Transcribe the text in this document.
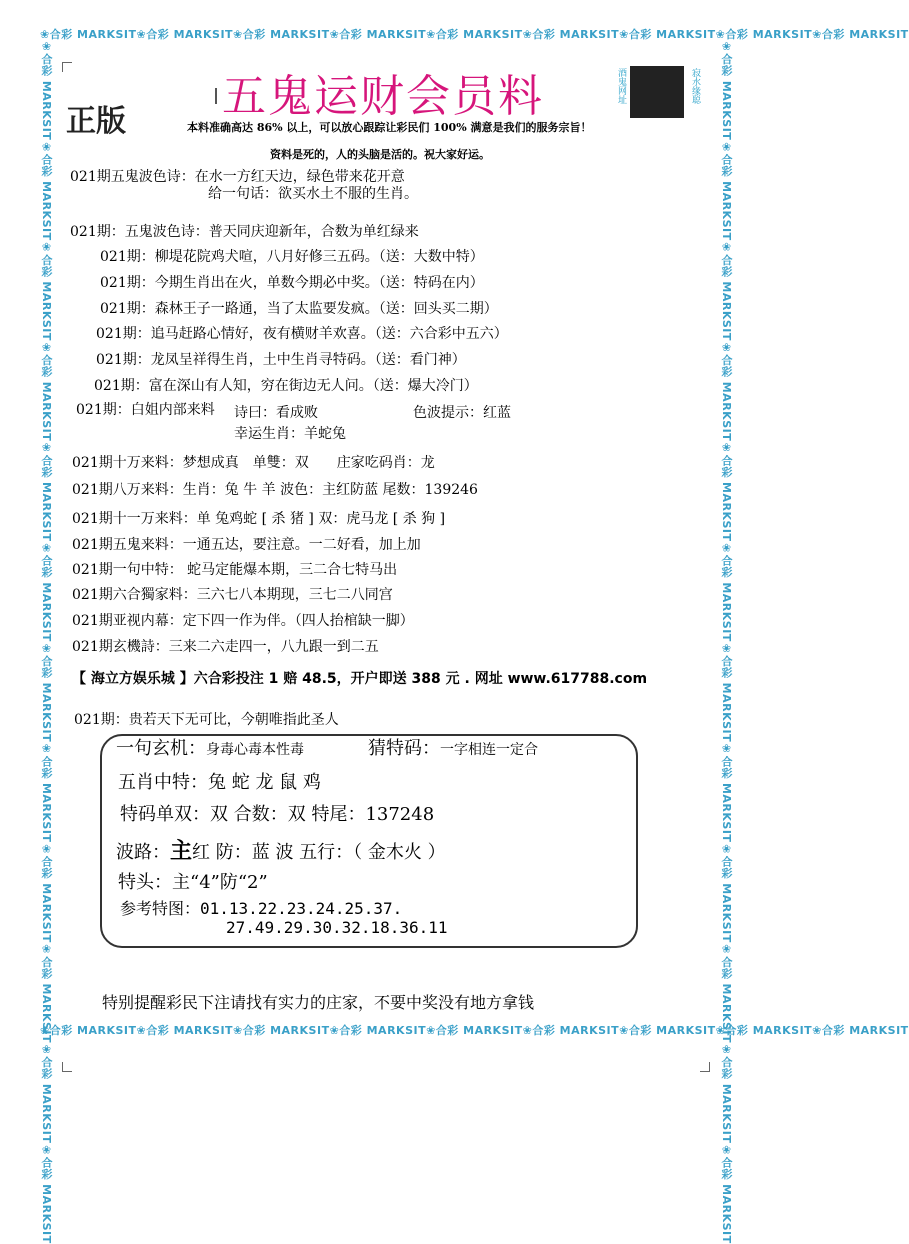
❀合彩 MARKSIT❀合彩 MARKSIT❀合彩 MARKSIT❀合彩 MARKSIT❀合彩 MARKSIT❀合彩 MARKSIT❀合彩 MARKSIT❀合彩 MARKSIT❀合彩 MARKSIT
❀合彩 MARKSIT❀合彩 MARKSIT❀合彩 MARKSIT❀合彩 MARKSIT❀合彩 MARKSIT❀合彩 MARKSIT❀合彩 MARKSIT❀合彩 MARKSIT❀合彩 MARKSIT
❀合彩 MARKSIT❀合彩 MARKSIT❀合彩 MARKSIT❀合彩 MARKSIT❀合彩 MARKSIT❀合彩 MARKSIT❀合彩 MARKSIT❀合彩 MARKSIT❀合彩 MARKSIT❀合彩 MARKSIT❀合彩 MARKSIT❀合彩 MARKSIT	❀合彩 MARKSIT❀合彩 MARKSIT❀合彩 MARKSIT❀合彩 MARKSIT❀合彩 MARKSIT❀合彩 MARKSIT❀合彩 MARKSIT❀合彩 MARKSIT❀合彩 MARKSIT❀合彩 MARKSIT❀合彩 MARKSIT❀合彩 MARKSIT
五鬼运财会员料
正版
酒鬼网址	寂水缘聪
本料准确高达 86% 以上，可以放心跟踪让彩民们 100% 满意是我们的服务宗旨！
资料是死的，人的头脑是活的。祝大家好运。
021期五鬼波色诗：在水一方红天边，绿色带来花开意
给一句话：欲买水土不服的生肖。
021期：五鬼波色诗：普天同庆迎新年，合数为单红绿来
021期：柳堤花院鸡犬喧，八月好修三五码。（送：大数中特）
021期：今期生肖出在火，单数今期必中奖。（送：特码在内）
021期：森林王子一路通，当了太监要发疯。（送：回头买二期）
021期：追马赶路心情好，夜有横财羊欢喜。（送：六合彩中五六）
021期：龙凤呈祥得生肖，土中生肖寻特码。（送：看门神）
021期：富在深山有人知，穷在街边无人问。（送：爆大冷门）
021期：白姐内部来料 诗曰：看成败	色波提示：红蓝
幸运生肖：羊蛇兔
021期十万来料：梦想成真　单雙：双　　庄家吃码肖：龙
021期八万来料：生肖：兔 牛 羊 波色：主红防蓝 尾数：139246
021期十一万来料：单 兔鸡蛇 [ 杀 猪 ] 双：虎马龙 [ 杀 狗 ]
021期五鬼来料：一通五达，要注意。一二好看，加上加
021期一句中特： 蛇马定能爆本期，三二合七特马出
021期六合獨家料：三六七八本期现，三七二八同宫
021期亚视内幕：定下四一作为伴。（四人抬棺缺一脚）
021期玄機詩：三来二六走四一，八九跟一到二五
【 海立方娱乐城 】六合彩投注 1 赔 48.5，开户即送 388 元 . 网址 www.617788.com
021期：贵若天下无可比，今朝唯指此圣人
一句玄机：身毒心毒本性毒	猜特码：一字相连一定合
五肖中特：兔 蛇 龙 鼠 鸡
特码单双：双 合数：双 特尾：137248
波路：主红 防：蓝 波 五行：（ 金木火 ）
特头：主“4”防“2”
参考特图：01.13.22.23.24.25.37.
27.49.29.30.32.18.36.11
特别提醒彩民下注请找有实力的庄家，不要中奖没有地方拿钱
